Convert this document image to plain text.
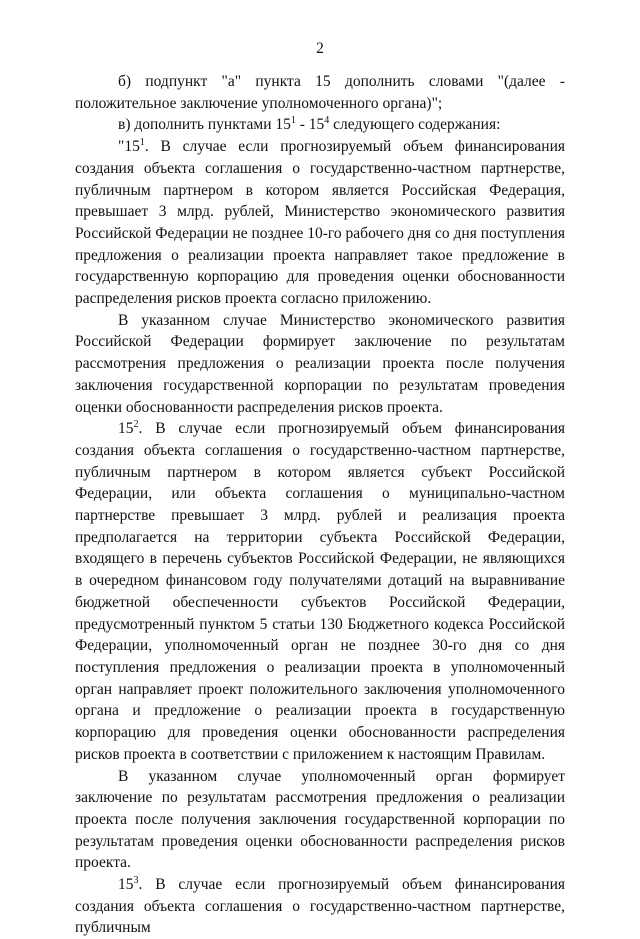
2

б) подпункт "а" пункта 15 дополнить словами "(далее - положительное заключение уполномоченного органа)";

в) дополнить пунктами $15^1 - 15^4$ следующего содержания:

"$15^1$. В случае если прогнозируемый объем финансирования создания объекта соглашения о государственно-частном партнерстве, публичным партнером в котором является Российская Федерация, превышает 3 млрд. рублей, Министерство экономического развития Российской Федерации не позднее 10-го рабочего дня со дня поступления предложения о реализации проекта направляет такое предложение в государственную корпорацию для проведения оценки обоснованности распределения рисков проекта согласно приложению.

В указанном случае Министерство экономического развития Российской Федерации формирует заключение по результатам рассмотрения предложения о реализации проекта после получения заключения государственной корпорации по результатам проведения оценки обоснованности распределения рисков проекта.

$15^2$. В случае если прогнозируемый объем финансирования создания объекта соглашения о государственно-частном партнерстве, публичным партнером в котором является субъект Российской Федерации, или объекта соглашения о муниципально-частном партнерстве превышает 3 млрд. рублей и реализация проекта предполагается на территории субъекта Российской Федерации, входящего в перечень субъектов Российской Федерации, не являющихся в очередном финансовом году получателями дотаций на выравнивание бюджетной обеспеченности субъектов Российской Федерации, предусмотренный пунктом 5 статьи 130 Бюджетного кодекса Российской Федерации, уполномоченный орган не позднее 30-го дня со дня поступления предложения о реализации проекта в уполномоченный орган направляет проект положительного заключения уполномоченного органа и предложение о реализации проекта в государственную корпорацию для проведения оценки обоснованности распределения рисков проекта в соответствии с приложением к настоящим Правилам.

В указанном случае уполномоченный орган формирует заключение по результатам рассмотрения предложения о реализации проекта после получения заключения государственной корпорации по результатам проведения оценки обоснованности распределения рисков проекта.

$15^3$. В случае если прогнозируемый объем финансирования создания объекта соглашения о государственно-частном партнерстве, публичным
